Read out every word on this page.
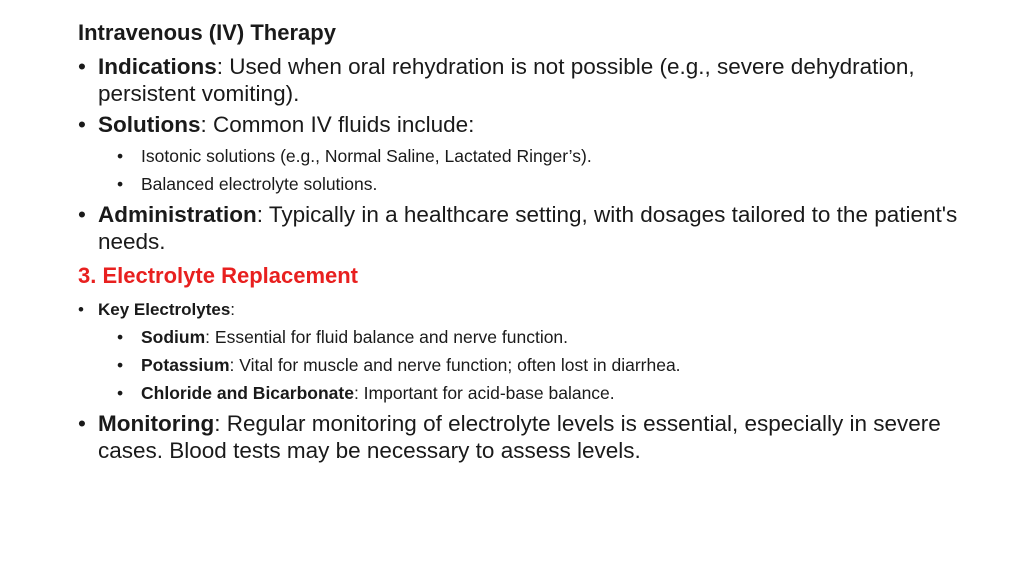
Intravenous (IV) Therapy

• Indications: Used when oral rehydration is not possible (e.g., severe dehydration, persistent vomiting).
• Solutions: Common IV fluids include:
• Isotonic solutions (e.g., Normal Saline, Lactated Ringer’s).
• Balanced electrolyte solutions.
• Administration: Typically in a healthcare setting, with dosages tailored to the patient's needs.

3. Electrolyte Replacement

• Key Electrolytes:
• Sodium: Essential for fluid balance and nerve function.
• Potassium: Vital for muscle and nerve function; often lost in diarrhea.
• Chloride and Bicarbonate: Important for acid-base balance.
• Monitoring: Regular monitoring of electrolyte levels is essential, especially in severe cases. Blood tests may be necessary to assess levels.
